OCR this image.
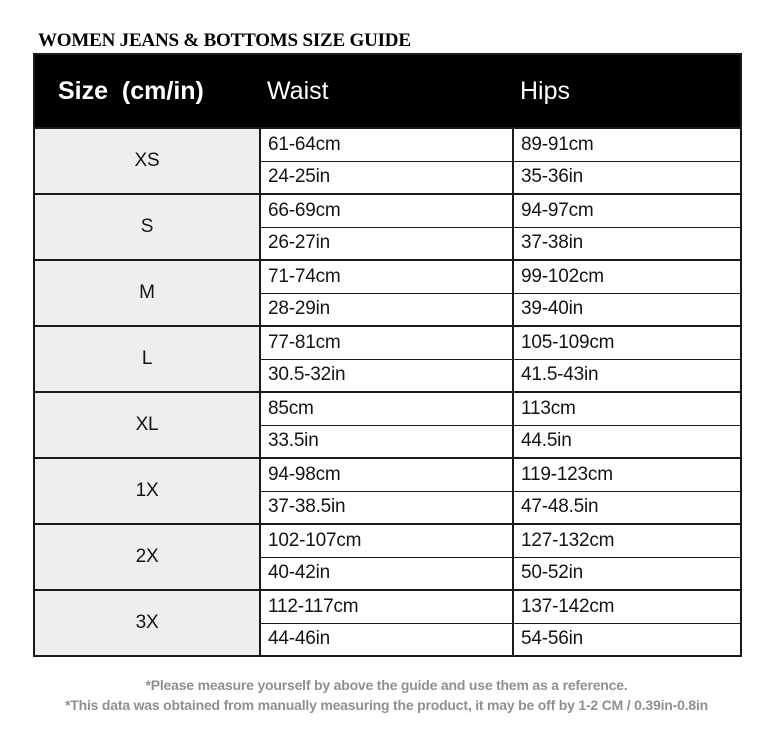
WOMEN JEANS & BOTTOMS SIZE GUIDE
Size  (cm/in)	Waist	Hips
XS	61-64cm	89-91cm
	24-25in	35-36in
S	66-69cm	94-97cm
	26-27in	37-38in
M	71-74cm	99-102cm
	28-29in	39-40in
L	77-81cm	105-109cm
	30.5-32in	41.5-43in
XL	85cm	113cm
	33.5in	44.5in
1X	94-98cm	119-123cm
	37-38.5in	47-48.5in
2X	102-107cm	127-132cm
	40-42in	50-52in
3X	112-117cm	137-142cm
	44-46in	54-56in
*Please measure yourself by above the guide and use them as a reference.
*This data was obtained from manually measuring the product, it may be off by 1-2 CM / 0.39in-0.8in
